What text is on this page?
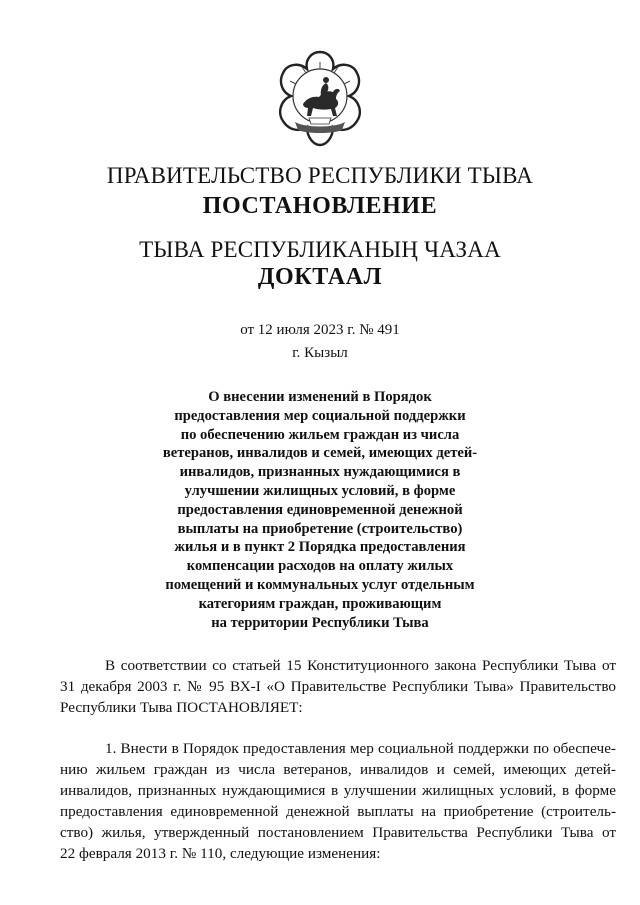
ПРАВИТЕЛЬСТВО РЕСПУБЛИКИ ТЫВА
ПОСТАНОВЛЕНИЕ
ТЫВА РЕСПУБЛИКАНЫҢ ЧАЗАА
ДОКТААЛ
от 12 июля 2023 г. № 491
г. Кызыл
О внесении изменений в Порядок
предоставления мер социальной поддержки
по обеспечению жильем граждан из числа
ветеранов, инвалидов и семей, имеющих детей-
инвалидов, признанных нуждающимися в
улучшении жилищных условий, в форме
предоставления единовременной денежной
выплаты на приобретение (строительство)
жилья и в пункт 2 Порядка предоставления
компенсации расходов на оплату жилых
помещений и коммунальных услуг отдельным
категориям граждан, проживающим
на территории Республики Тыва
В соответствии со статьей 15 Конституционного закона Республики Тыва от
31 декабря 2003 г. № 95 ВХ-I «О Правительстве Республики Тыва» Правительство
Республики Тыва ПОСТАНОВЛЯЕТ:
1. Внести в Порядок предоставления мер социальной поддержки по обеспече-
нию жильем граждан из числа ветеранов, инвалидов и семей, имеющих детей-
инвалидов, признанных нуждающимися в улучшении жилищных условий, в форме
предоставления единовременной денежной выплаты на приобретение (строитель-
ство) жилья, утвержденный постановлением Правительства Республики Тыва от
22 февраля 2013 г. № 110, следующие изменения:
